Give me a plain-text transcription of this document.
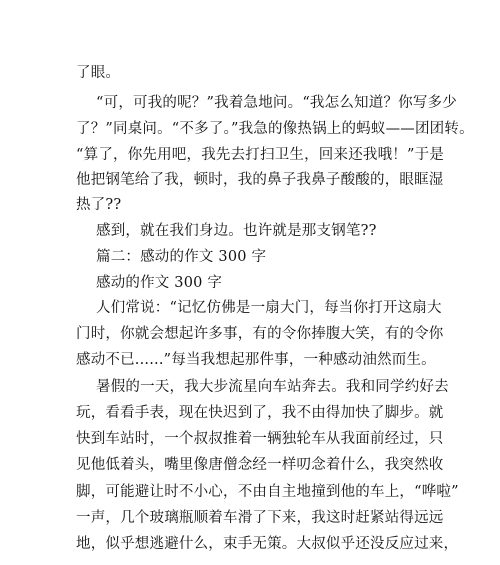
了眼。
“可，可我的呢？”我着急地问。“我怎么知道？你写多少
了？”同桌问。“不多了。”我急的像热锅上的蚂蚁——团团转。
“算了，你先用吧，我先去打扫卫生，回来还我哦！”于是
他把钢笔给了我，顿时，我的鼻子我鼻子酸酸的，眼眶湿
热了??
感到，就在我们身边。也许就是那支钢笔??
篇二：感动的作文 300 字
感动的作文 300 字
人们常说：“记忆仿佛是一扇大门，每当你打开这扇大
门时，你就会想起许多事，有的令你捧腹大笑，有的令你
感动不已......”每当我想起那件事，一种感动油然而生。
暑假的一天，我大步流星向车站奔去。我和同学约好去
玩，看看手表，现在快迟到了，我不由得加快了脚步。就
快到车站时，一个叔叔推着一辆独轮车从我面前经过，只
见他低着头，嘴里像唐僧念经一样叨念着什么，我突然收
脚，可能避让时不小心，不由自主地撞到他的车上，“哗啦”
一声，几个玻璃瓶顺着车滑了下来，我这时赶紧站得远远
地，似乎想逃避什么，束手无策。大叔似乎还没反应过来，
